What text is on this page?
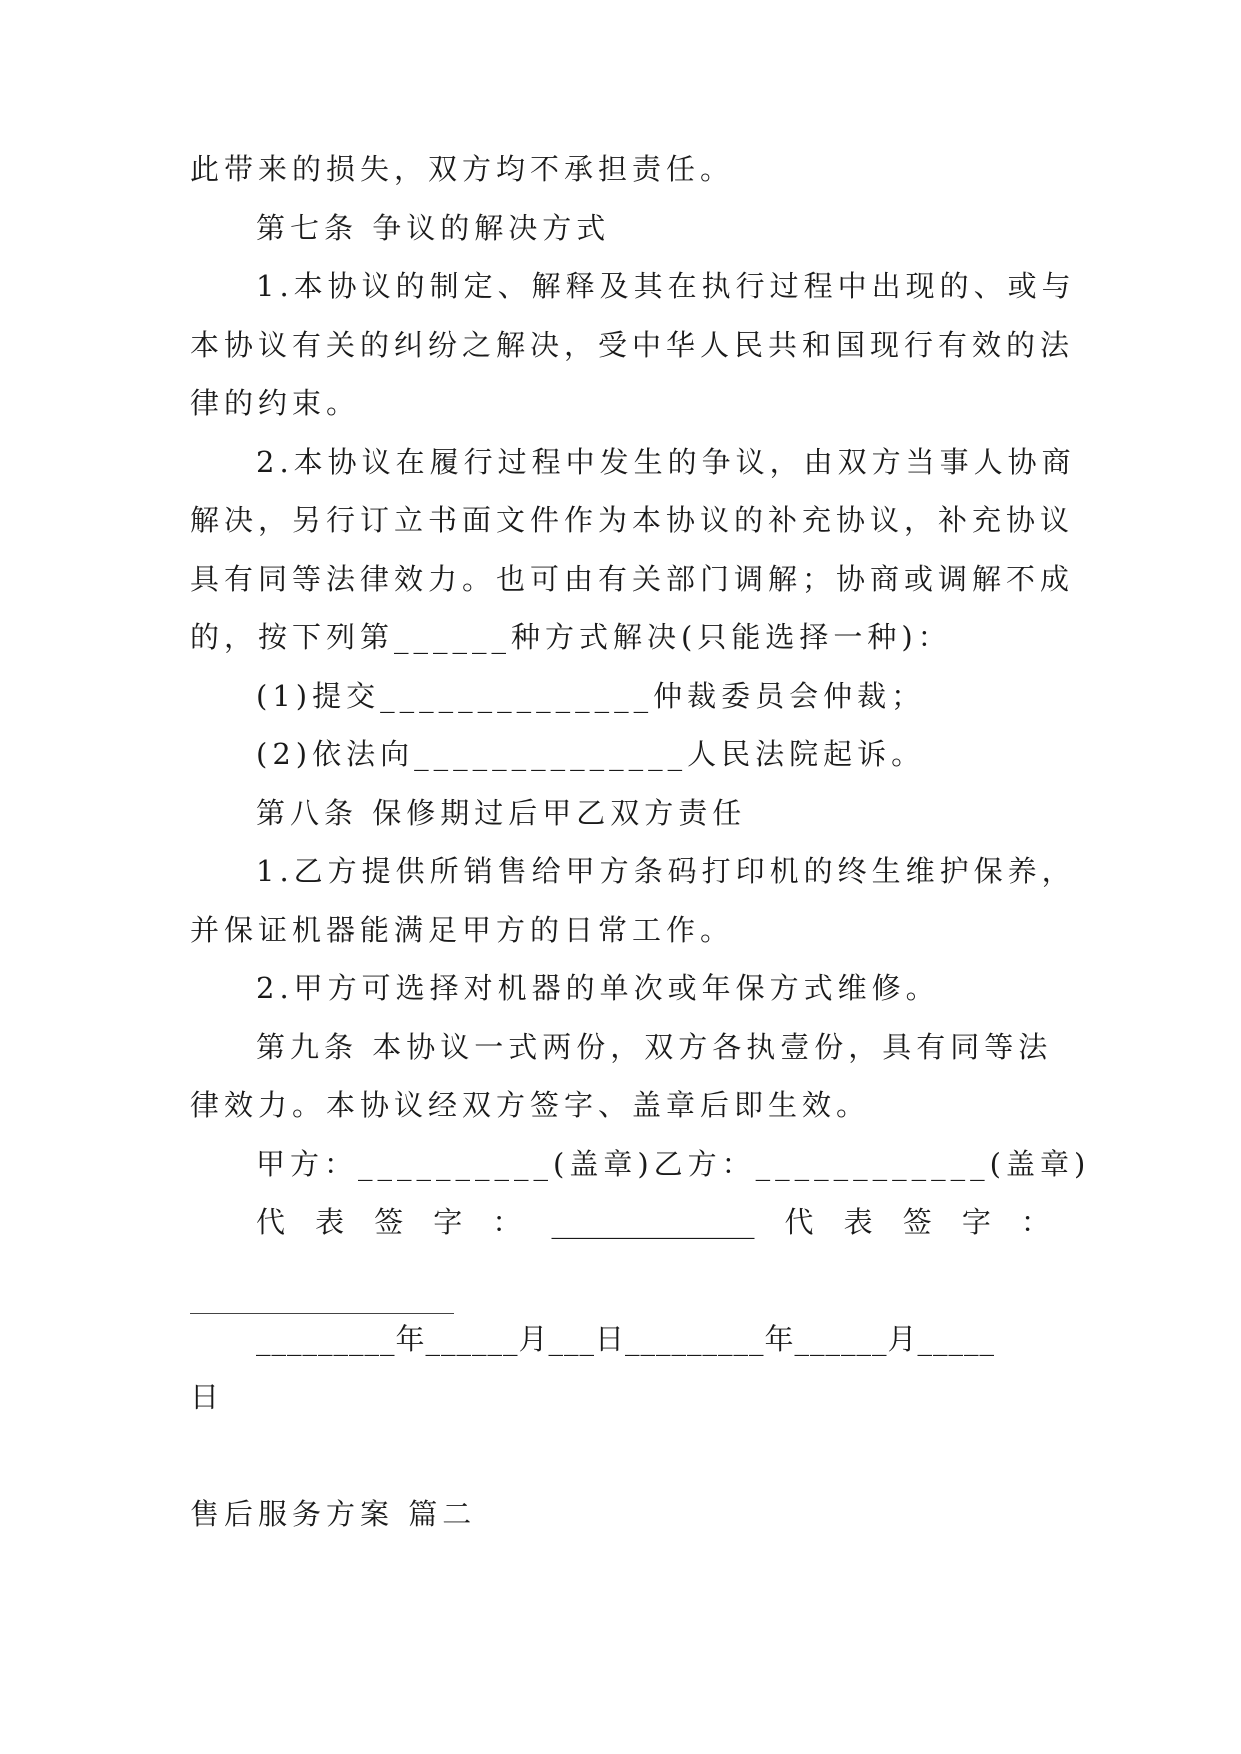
此带来的损失，双方均不承担责任。
第七条 争议的解决方式
1.本协议的制定、解释及其在执行过程中出现的、或与
本协议有关的纠纷之解决，受中华人民共和国现行有效的法
律的约束。
2.本协议在履行过程中发生的争议，由双方当事人协商
解决，另行订立书面文件作为本协议的补充协议，补充协议
具有同等法律效力。也可由有关部门调解；协商或调解不成
的，按下列第______种方式解决(只能选择一种)：
(1)提交______________仲裁委员会仲裁；
(2)依法向______________人民法院起诉。
第八条 保修期过后甲乙双方责任
1.乙方提供所销售给甲方条码打印机的终生维护保养，
并保证机器能满足甲方的日常工作。
2.甲方可选择对机器的单次或年保方式维修。
第九条 本协议一式两份，双方各执壹份，具有同等法
律效力。本协议经双方签字、盖章后即生效。
甲方：__________(盖章)乙方：____________(盖章)
代 表 签 字 ： ______________ 代 表 签 字 ：
_________年______月___日_________年______月_____
日
售后服务方案 篇二
